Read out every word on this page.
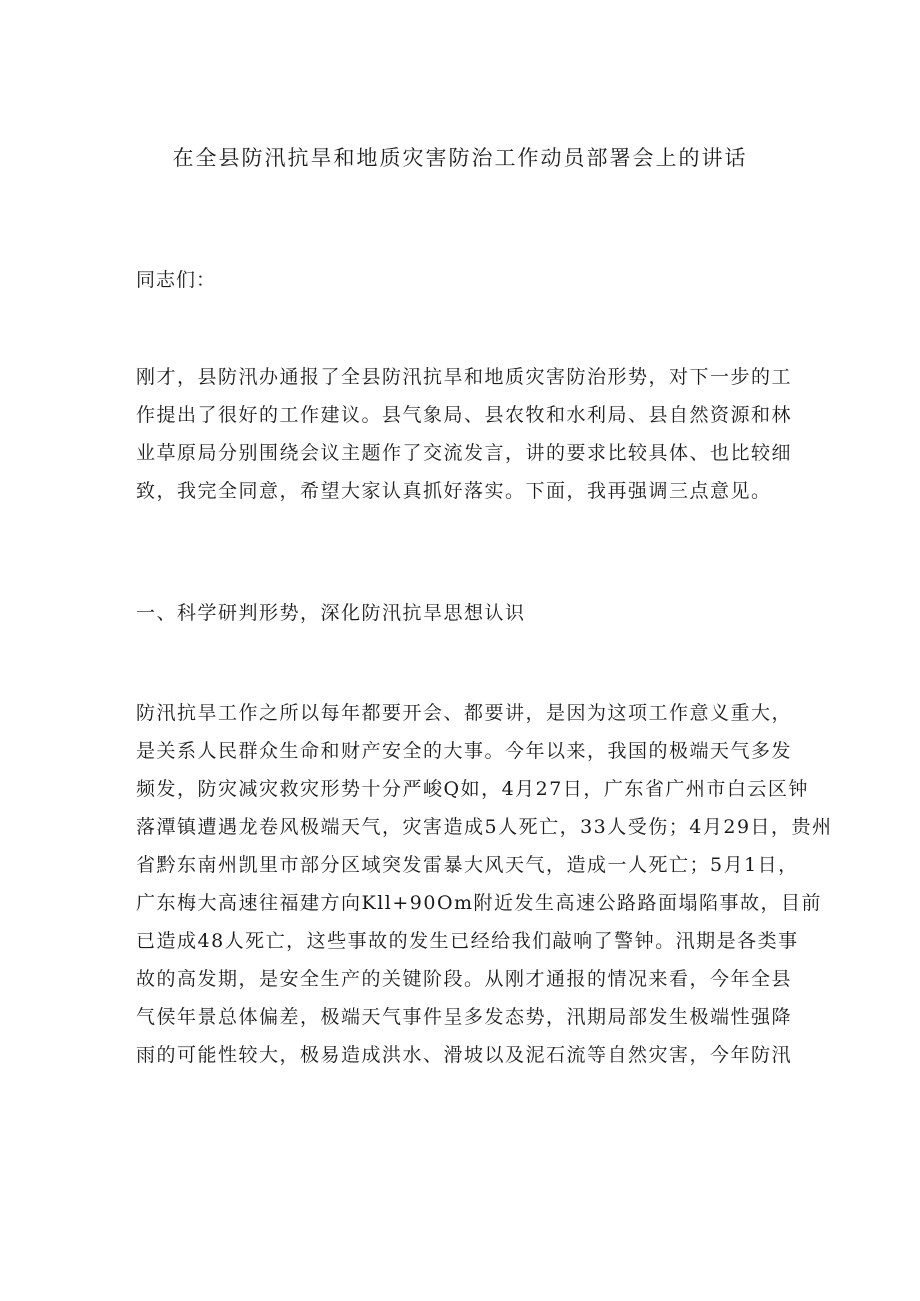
在全县防汛抗旱和地质灾害防治工作动员部署会上的讲话
同志们：
刚才，县防汛办通报了全县防汛抗旱和地质灾害防治形势，对下一步的工
作提出了很好的工作建议。县气象局、县农牧和水利局、县自然资源和林
业草原局分别围绕会议主题作了交流发言，讲的要求比较具体、也比较细
致，我完全同意，希望大家认真抓好落实。下面，我再强调三点意见。
一、科学研判形势，深化防汛抗旱思想认识
防汛抗旱工作之所以每年都要开会、都要讲，是因为这项工作意义重大，
是关系人民群众生命和财产安全的大事。今年以来，我国的极端天气多发
频发，防灾减灾救灾形势十分严峻Q如，4月27日，广东省广州市白云区钟
落潭镇遭遇龙卷风极端天气，灾害造成5人死亡，33人受伤；4月29日，贵州
省黔东南州凯里市部分区域突发雷暴大风天气，造成一人死亡；5月1日，
广东梅大高速往福建方向Kll+90Om附近发生高速公路路面塌陷事故，目前
已造成48人死亡，这些事故的发生已经给我们敲响了警钟。汛期是各类事
故的高发期，是安全生产的关键阶段。从刚才通报的情况来看，今年全县
气侯年景总体偏差，极端天气事件呈多发态势，汛期局部发生极端性强降
雨的可能性较大，极易造成洪水、滑坡以及泥石流等自然灾害，今年防汛
